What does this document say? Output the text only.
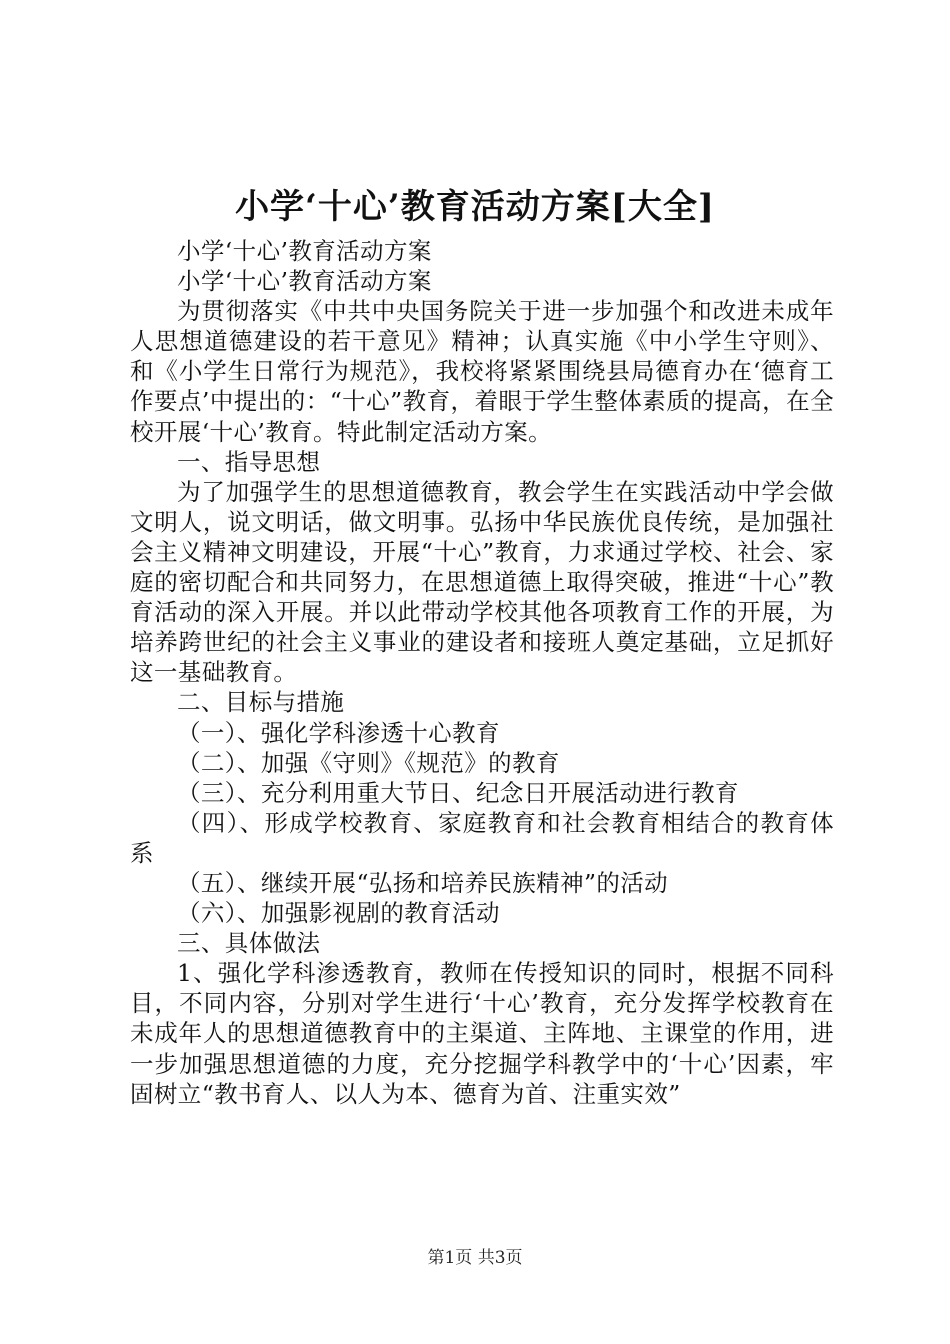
小学‘十心’教育活动方案[大全]

小学‘十心’教育活动方案

小学‘十心’教育活动方案

为贯彻落实《中共中央国务院关于进一步加强个和改进未成年人思想道德建设的若干意见》精神；认真实施《中小学生守则》、和《小学生日常行为规范》，我校将紧紧围绕县局德育办在‘德育工作要点’中提出的：“十心”教育，着眼于学生整体素质的提高，在全校开展‘十心’教育。特此制定活动方案。

一、指导思想

为了加强学生的思想道德教育，教会学生在实践活动中学会做文明人，说文明话，做文明事。弘扬中华民族优良传统，是加强社会主义精神文明建设，开展“十心”教育，力求通过学校、社会、家庭的密切配合和共同努力，在思想道德上取得突破，推进“十心”教育活动的深入开展。并以此带动学校其他各项教育工作的开展，为培养跨世纪的社会主义事业的建设者和接班人奠定基础，立足抓好这一基础教育。

二、目标与措施

（一）、强化学科渗透十心教育

（二）、加强《守则》《规范》的教育

（三）、充分利用重大节日、纪念日开展活动进行教育

（四）、形成学校教育、家庭教育和社会教育相结合的教育体系

（五）、继续开展“弘扬和培养民族精神”的活动

（六）、加强影视剧的教育活动

三、具体做法

1、强化学科渗透教育，教师在传授知识的同时，根据不同科目，不同内容，分别对学生进行‘十心’教育，充分发挥学校教育在未成年人的思想道德教育中的主渠道、主阵地、主课堂的作用，进一步加强思想道德的力度，充分挖掘学科教学中的‘十心’因素，牢固树立“教书育人、以人为本、德育为首、注重实效”

第1页 共3页
